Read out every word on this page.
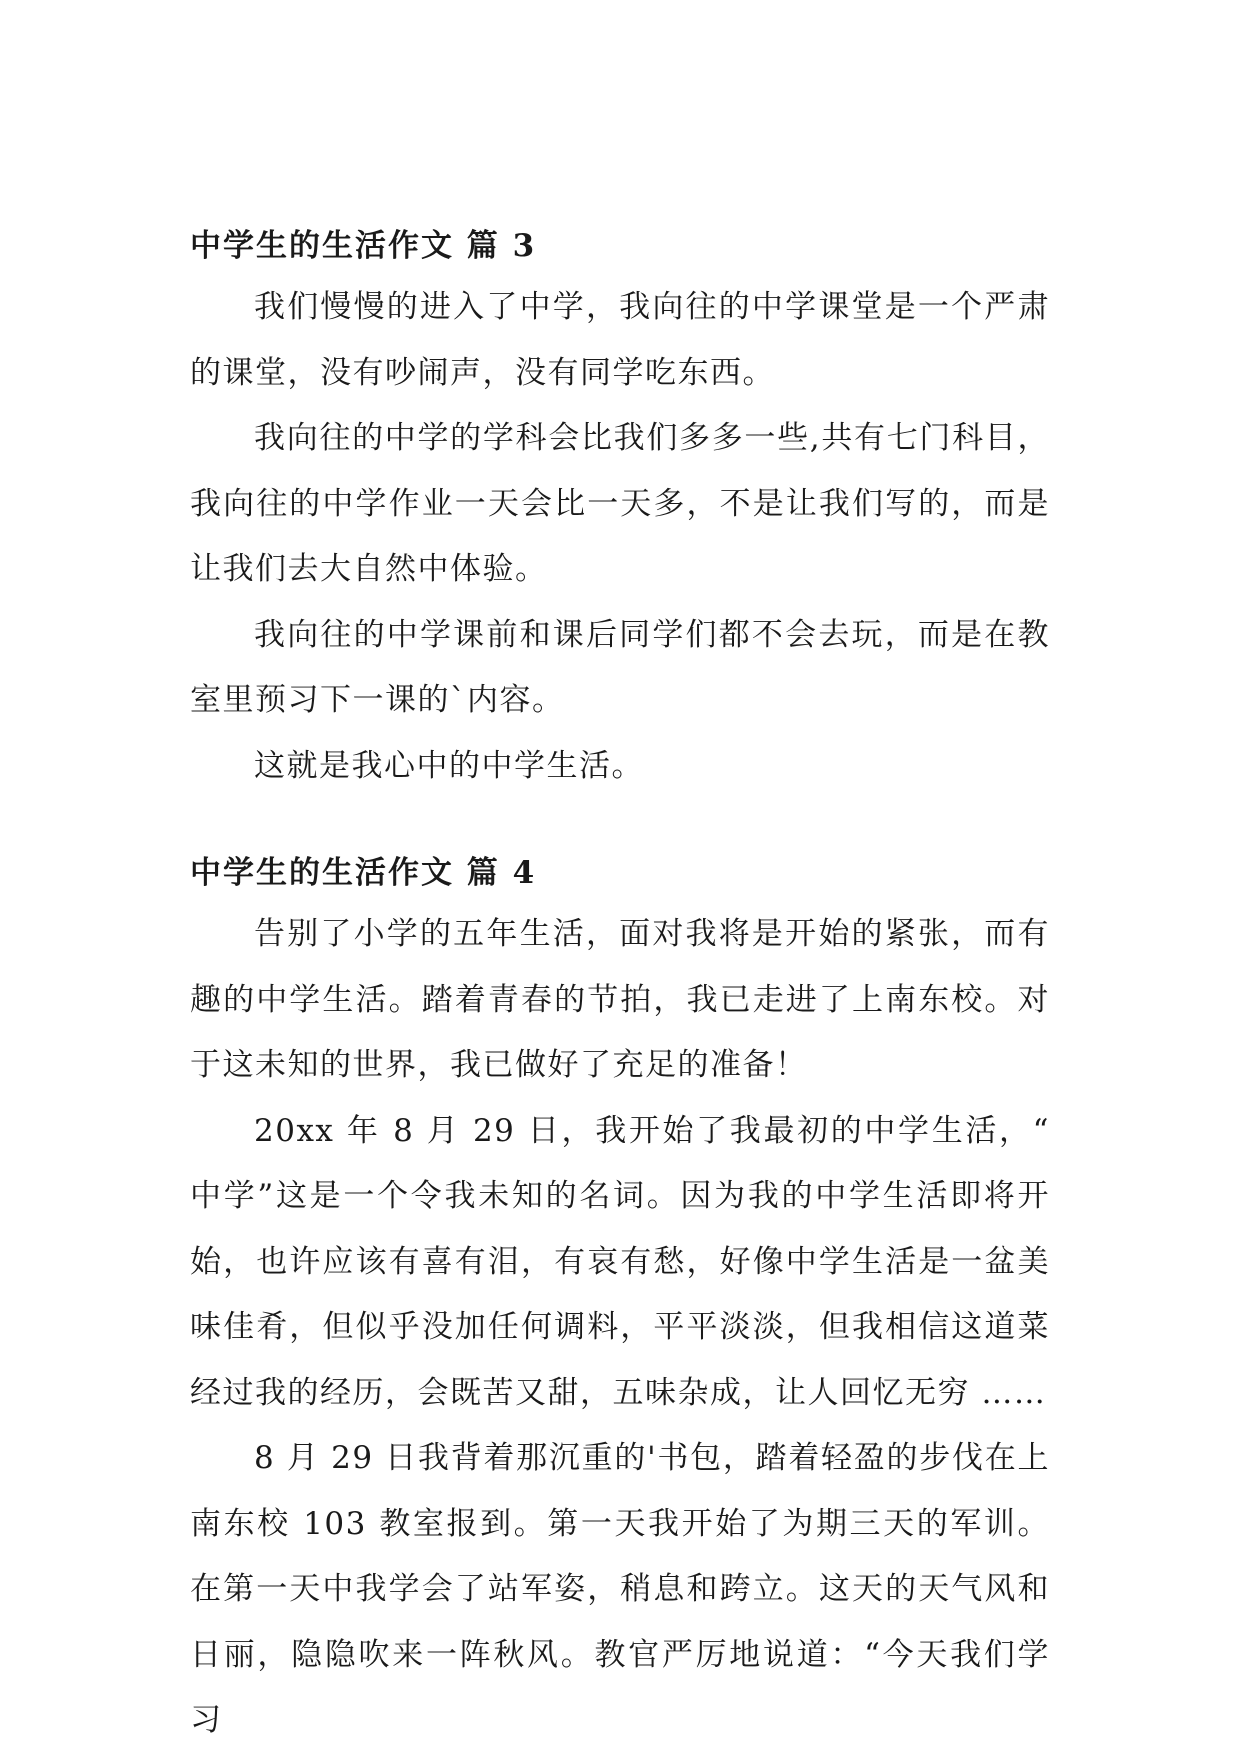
中学生的生活作文 篇 3

我们慢慢的进入了中学，我向往的中学课堂是一个严肃的课堂，没有吵闹声，没有同学吃东西。

我向往的中学的学科会比我们多多一些,共有七门科目，我向往的中学作业一天会比一天多，不是让我们写的，而是让我们去大自然中体验。

我向往的中学课前和课后同学们都不会去玩，而是在教室里预习下一课的`内容。

这就是我心中的中学生活。

中学生的生活作文 篇 4

告别了小学的五年生活，面对我将是开始的紧张，而有趣的中学生活。踏着青春的节拍，我已走进了上南东校。对于这未知的世界，我已做好了充足的准备！

20xx 年 8 月 29 日，我开始了我最初的中学生活，“ 中学”这是一个令我未知的名词。因为我的中学生活即将开始，也许应该有喜有泪，有哀有愁，好像中学生活是一盆美味佳肴，但似乎没加任何调料，平平淡淡，但我相信这道菜经过我的经历，会既苦又甜，五味杂成，让人回忆无穷 ……

8 月 29 日我背着那沉重的'书包，踏着轻盈的步伐在上南东校 103 教室报到。第一天我开始了为期三天的军训。在第一天中我学会了站军姿，稍息和跨立。这天的天气风和日丽，隐隐吹来一阵秋风。教官严厉地说道：“今天我们学习
